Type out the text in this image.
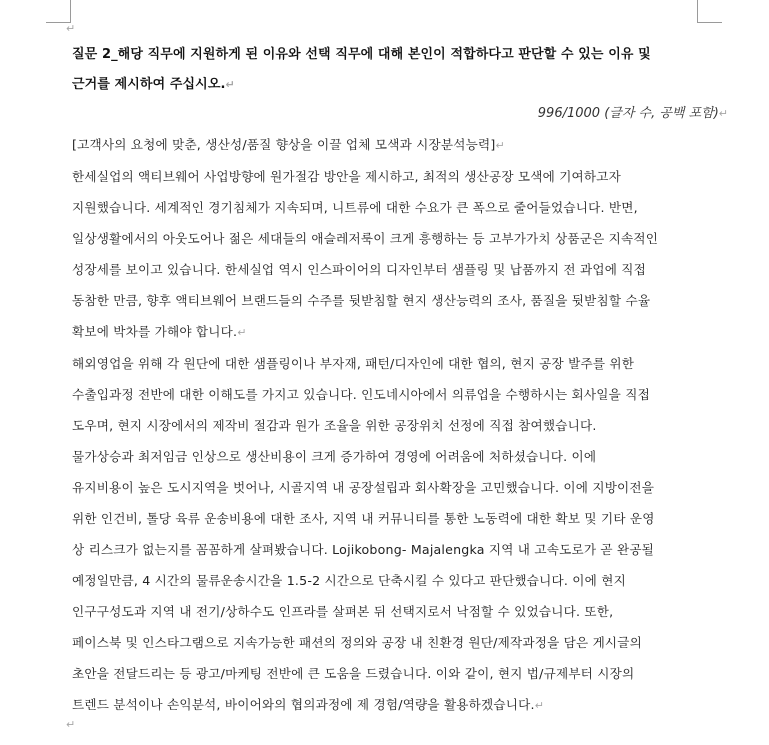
↵

질문 2_해당 직무에 지원하게 된 이유와 선택 직무에 대해 본인이 적합하다고 판단할 수 있는 이유 및
근거를 제시하여 주십시오.↵

996/1000 (글자 수, 공백 포함)↵

[고객사의 요청에 맞춘, 생산성/품질 향상을 이끌 업체 모색과 시장분석능력]↵

한세실업의 액티브웨어 사업방향에 원가절감 방안을 제시하고, 최적의 생산공장 모색에 기여하고자
지원했습니다. 세계적인 경기침체가 지속되며, 니트류에 대한 수요가 큰 폭으로 줄어들었습니다. 반면,
일상생활에서의 아웃도어나 젊은 세대들의 애슬레저룩이 크게 흥행하는 등 고부가가치 상품군은 지속적인
성장세를 보이고 있습니다. 한세실업 역시 인스파이어의 디자인부터 샘플링 및 납품까지 전 과업에 직접
동참한 만큼, 향후 액티브웨어 브랜드들의 수주를 뒷받침할 현지 생산능력의 조사, 품질을 뒷받침할 수율
확보에 박차를 가해야 합니다.↵

해외영업을 위해 각 원단에 대한 샘플링이나 부자재, 패턴/디자인에 대한 협의, 현지 공장 발주를 위한
수출입과정 전반에 대한 이해도를 가지고 있습니다. 인도네시아에서 의류업을 수행하시는 회사일을 직접
도우며, 현지 시장에서의 제작비 절감과 원가 조율을 위한 공장위치 선정에 직접 참여했습니다.

물가상승과 최저임금 인상으로 생산비용이 크게 증가하여 경영에 어려움에 처하셨습니다. 이에
유지비용이 높은 도시지역을 벗어나, 시골지역 내 공장설립과 회사확장을 고민했습니다. 이에 지방이전을
위한 인건비, 톨당 육류 운송비용에 대한 조사, 지역 내 커뮤니티를 통한 노동력에 대한 확보 및 기타 운영
상 리스크가 없는지를 꼼꼼하게 살펴봤습니다. Lojikobong- Majalengka 지역 내 고속도로가 곧 완공될
예정일만큼, 4 시간의 물류운송시간을 1.5-2 시간으로 단축시킬 수 있다고 판단했습니다. 이에 현지
인구구성도과 지역 내 전기/상하수도 인프라를 살펴본 뒤 선택지로서 낙점할 수 있었습니다. 또한,
페이스북 및 인스타그램으로 지속가능한 패션의 정의와 공장 내 친환경 원단/제작과정을 담은 게시글의
초안을 전달드리는 등 광고/마케팅 전반에 큰 도움을 드렸습니다. 이와 같이, 현지 법/규제부터 시장의
트렌드 분석이나 손익분석, 바이어와의 협의과정에 제 경험/역량을 활용하겠습니다.↵

↵
